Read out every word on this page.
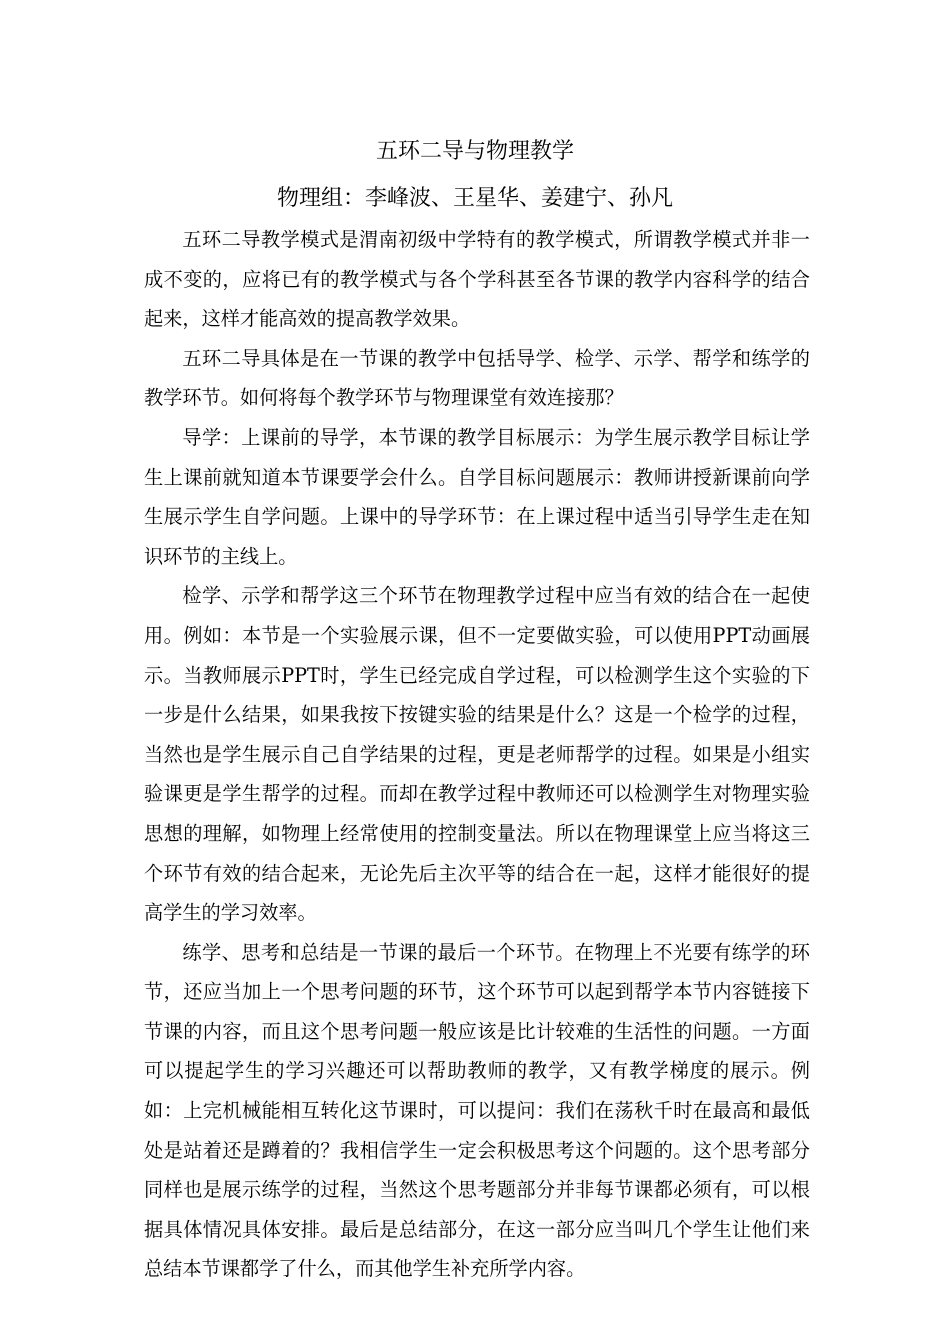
五环二导与物理教学
物理组：李峰波、王星华、姜建宁、孙凡

五环二导教学模式是渭南初级中学特有的教学模式，所谓教学模式并非一成不变的，应将已有的教学模式与各个学科甚至各节课的教学内容科学的结合起来，这样才能高效的提高教学效果。

五环二导具体是在一节课的教学中包括导学、检学、示学、帮学和练学的教学环节。如何将每个教学环节与物理课堂有效连接那？

导学：上课前的导学，本节课的教学目标展示：为学生展示教学目标让学生上课前就知道本节课要学会什么。自学目标问题展示：教师讲授新课前向学生展示学生自学问题。上课中的导学环节：在上课过程中适当引导学生走在知识环节的主线上。

检学、示学和帮学这三个环节在物理教学过程中应当有效的结合在一起使用。例如：本节是一个实验展示课，但不一定要做实验，可以使用PPT动画展示。当教师展示PPT时，学生已经完成自学过程，可以检测学生这个实验的下一步是什么结果，如果我按下按键实验的结果是什么？这是一个检学的过程，当然也是学生展示自己自学结果的过程，更是老师帮学的过程。如果是小组实验课更是学生帮学的过程。而却在教学过程中教师还可以检测学生对物理实验思想的理解，如物理上经常使用的控制变量法。所以在物理课堂上应当将这三个环节有效的结合起来，无论先后主次平等的结合在一起，这样才能很好的提高学生的学习效率。

练学、思考和总结是一节课的最后一个环节。在物理上不光要有练学的环节，还应当加上一个思考问题的环节，这个环节可以起到帮学本节内容链接下节课的内容，而且这个思考问题一般应该是比计较难的生活性的问题。一方面可以提起学生的学习兴趣还可以帮助教师的教学，又有教学梯度的展示。例如：上完机械能相互转化这节课时，可以提问：我们在荡秋千时在最高和最低处是站着还是蹲着的？我相信学生一定会积极思考这个问题的。这个思考部分同样也是展示练学的过程，当然这个思考题部分并非每节课都必须有，可以根据具体情况具体安排。最后是总结部分，在这一部分应当叫几个学生让他们来总结本节课都学了什么，而其他学生补充所学内容。
